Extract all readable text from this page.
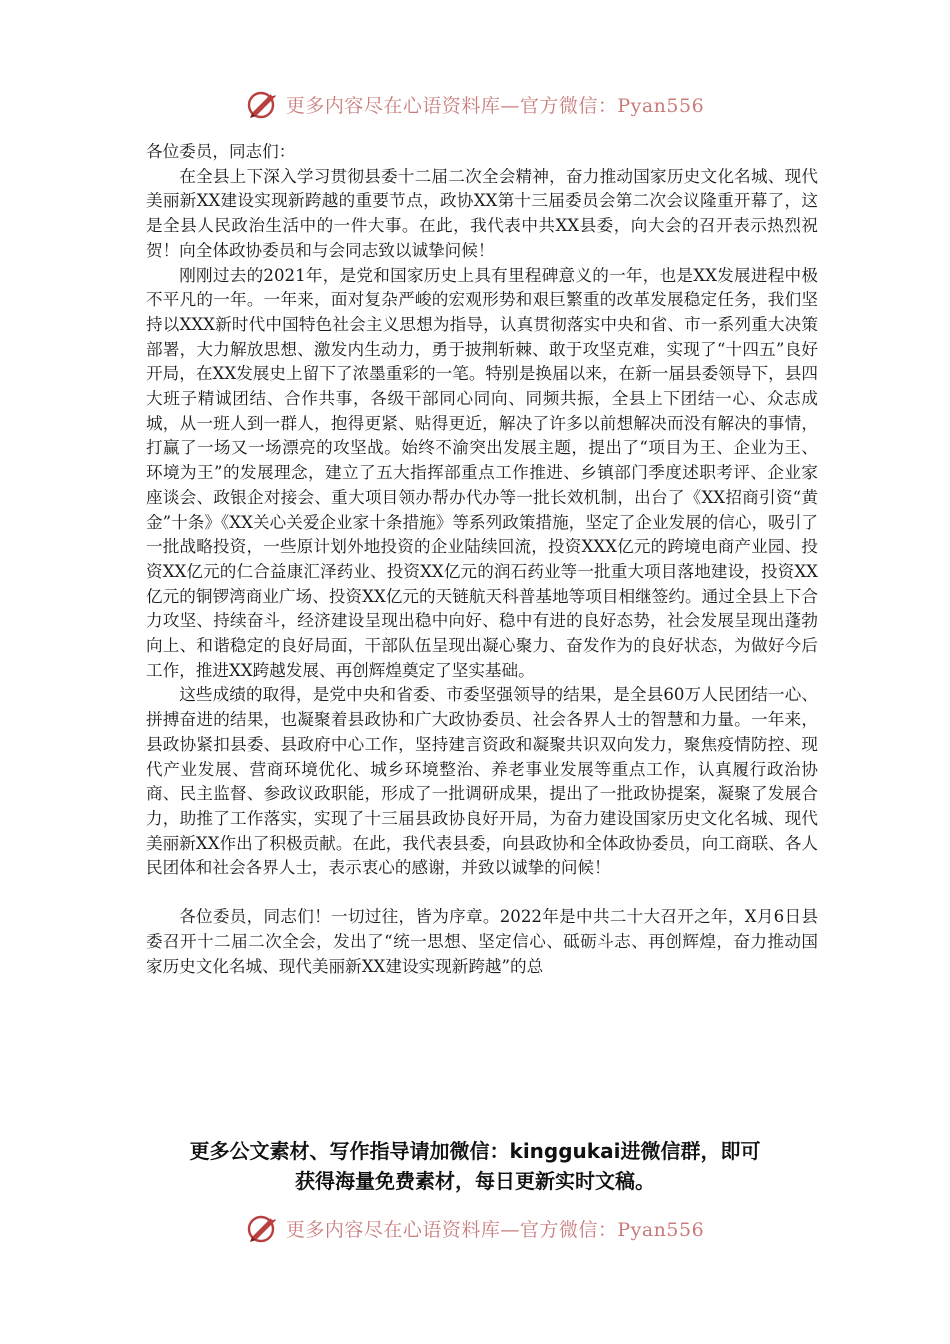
更多内容尽在心语资料库—官方微信：Pyan556

各位委员，同志们：

在全县上下深入学习贯彻县委十二届二次全会精神，奋力推动国家历史文化名城、现代美丽新XX建设实现新跨越的重要节点，政协XX第十三届委员会第二次会议隆重开幕了，这是全县人民政治生活中的一件大事。在此，我代表中共XX县委，向大会的召开表示热烈祝贺！向全体政协委员和与会同志致以诚挚问候！

刚刚过去的2021年，是党和国家历史上具有里程碑意义的一年，也是XX发展进程中极不平凡的一年。一年来，面对复杂严峻的宏观形势和艰巨繁重的改革发展稳定任务，我们坚持以XXX新时代中国特色社会主义思想为指导，认真贯彻落实中央和省、市一系列重大决策部署，大力解放思想、激发内生动力，勇于披荆斩棘、敢于攻坚克难，实现了“十四五”良好开局，在XX发展史上留下了浓墨重彩的一笔。特别是换届以来，在新一届县委领导下，县四大班子精诚团结、合作共事，各级干部同心同向、同频共振，全县上下团结一心、众志成城，从一班人到一群人，抱得更紧、贴得更近，解决了许多以前想解决而没有解决的事情，打赢了一场又一场漂亮的攻坚战。始终不渝突出发展主题，提出了“项目为王、企业为王、环境为王”的发展理念，建立了五大指挥部重点工作推进、乡镇部门季度述职考评、企业家座谈会、政银企对接会、重大项目领办帮办代办等一批长效机制，出台了《XX招商引资“黄金”十条》《XX关心关爱企业家十条措施》等系列政策措施，坚定了企业发展的信心，吸引了一批战略投资，一些原计划外地投资的企业陆续回流，投资XXX亿元的跨境电商产业园、投资XX亿元的仁合益康汇泽药业、投资XX亿元的润石药业等一批重大项目落地建设，投资XX亿元的铜锣湾商业广场、投资XX亿元的天链航天科普基地等项目相继签约。通过全县上下合力攻坚、持续奋斗，经济建设呈现出稳中向好、稳中有进的良好态势，社会发展呈现出蓬勃向上、和谐稳定的良好局面，干部队伍呈现出凝心聚力、奋发作为的良好状态，为做好今后工作，推进XX跨越发展、再创辉煌奠定了坚实基础。

这些成绩的取得，是党中央和省委、市委坚强领导的结果，是全县60万人民团结一心、拼搏奋进的结果，也凝聚着县政协和广大政协委员、社会各界人士的智慧和力量。一年来，县政协紧扣县委、县政府中心工作，坚持建言资政和凝聚共识双向发力，聚焦疫情防控、现代产业发展、营商环境优化、城乡环境整治、养老事业发展等重点工作，认真履行政治协商、民主监督、参政议政职能，形成了一批调研成果，提出了一批政协提案，凝聚了发展合力，助推了工作落实，实现了十三届县政协良好开局，为奋力建设国家历史文化名城、现代美丽新XX作出了积极贡献。在此，我代表县委，向县政协和全体政协委员，向工商联、各人民团体和社会各界人士，表示衷心的感谢，并致以诚挚的问候！

各位委员，同志们！一切过往，皆为序章。2022年是中共二十大召开之年，X月6日县委召开十二届二次全会，发出了“统一思想、坚定信心、砥砺斗志、再创辉煌，奋力推动国家历史文化名城、现代美丽新XX建设实现新跨越”的总

更多公文素材、写作指导请加微信：kinggukai进微信群，即可
获得海量免费素材，每日更新实时文稿。
更多内容尽在心语资料库—官方微信：Pyan556
